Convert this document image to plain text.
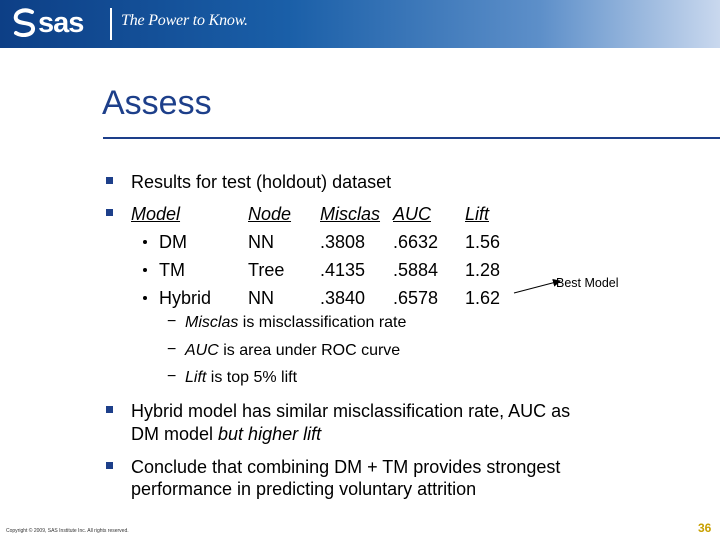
sas The Power to Know.
Assess
Results for test (holdout) dataset
Model	Node Misclas AUC Lift
DM	NN	.3808 .6632 1.56
TM	Tree .4135 .5884 1.28
Hybrid NN	.3840 .6578 1.62
Best Model
− Misclas is misclassification rate
− AUC is area under ROC curve
− Lift is top 5% lift
Hybrid model has similar misclassification rate, AUC as
DM model but higher lift
Conclude that combining DM + TM provides strongest
performance in predicting voluntary attrition
Copyright © 2009, SAS Institute Inc. All rights reserved.	36
